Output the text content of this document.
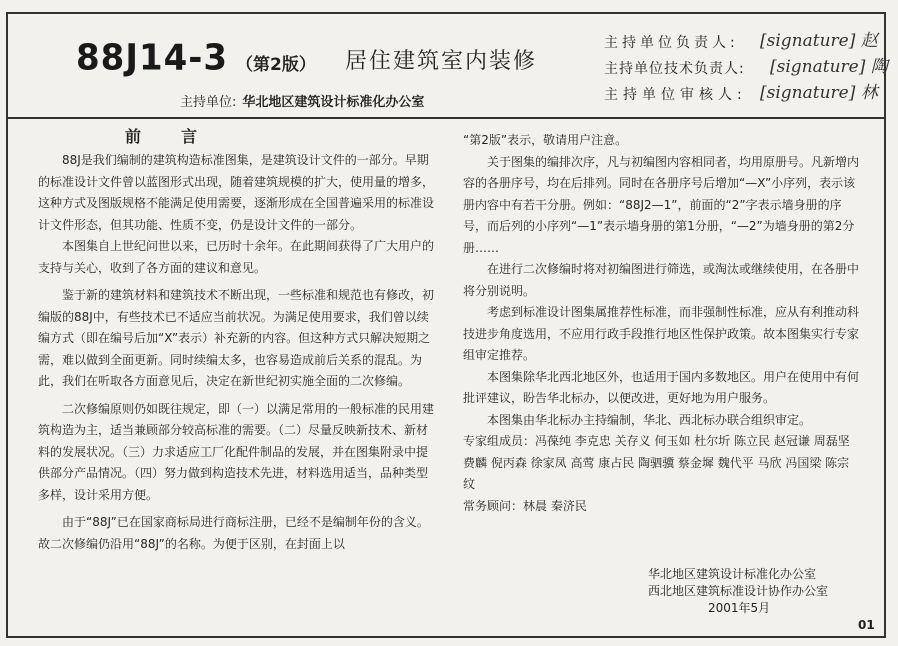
88J14-3 （第2版） 居住建筑室内装修
主持单位: 华北地区建筑设计标准化办公室
主持单位负责人: [signature] 赵
主持单位技术负责人: [signature] 陶
主持单位审核人: [signature] 林
前言

88J是我们编制的建筑构造标准图集，是建筑设计文件的一部分。早期的标准设计文件曾以蓝图形式出现，随着建筑规模的扩大，使用量的增多，这种方式及图版规格不能满足使用需要，逐渐形成在全国普遍采用的标准设计文件形态，但其功能、性质不变，仍是设计文件的一部分。

本图集自上世纪问世以来，已历时十余年。在此期间获得了广大用户的支持与关心，收到了各方面的建议和意见。

鉴于新的建筑材料和建筑技术不断出现，一些标准和规范也有修改，初编版的88J中，有些技术已不适应当前状况。为满足使用要求，我们曾以续编方式（即在编号后加“X”表示）补充新的内容。但这种方式只解决短期之需，难以做到全面更新。同时续编太多，也容易造成前后关系的混乱。为此，我们在听取各方面意见后，决定在新世纪初实施全面的二次修编。

二次修编原则仍如既往规定，即（一）以满足常用的一般标准的民用建筑构造为主，适当兼顾部分较高标准的需要。（二）尽量反映新技术、新材料的发展状况。（三）力求适应工厂化配件制品的发展，并在图集附录中提供部分产品情况。（四）努力做到构造技术先进，材料选用适当，品种类型多样，设计采用方便。

由于“88J”已在国家商标局进行商标注册，已经不是编制年份的含义。故二次修编仍沿用“88J”的名称。为便于区别，在封面上以

“第2版”表示，敬请用户注意。

关于图集的编排次序，凡与初编图内容相同者，均用原册号。凡新增内容的各册序号，均在后排列。同时在各册序号后增加“—X”小序列，表示该册内容中有若干分册。例如：“88J2—1”，前面的“2”字表示墙身册的序号，而后列的小序列“—1”表示墙身册的第1分册，“—2”为墙身册的第2分册……

在进行二次修编时将对初编图进行筛选，或淘汰或继续使用，在各册中将分别说明。

考虑到标准设计图集属推荐性标准，而非强制性标准，应从有利推动科技进步角度选用，不应用行政手段推行地区性保护政策。故本图集实行专家组审定推荐。

本图集除华北西北地区外，也适用于国内多数地区。用户在使用中有何批评建议，盼告华北标办，以便改进，更好地为用户服务。

本图集由华北标办主持编制，华北、西北标办联合组织审定。

专家组成员：冯葆纯 李克忠 关存义 何玉如 杜尔圻 陈立民 赵冠谦 周磊坚 费麟 倪丙森 徐家凤 高莺 康占民 陶驷骥 蔡金墀 魏代平 马欣 冯国梁 陈宗纹

常务顾问：林晨 秦济民

华北地区建筑设计标准化办公室
西北地区建筑标准设计协作办公室
2001年5月
01
